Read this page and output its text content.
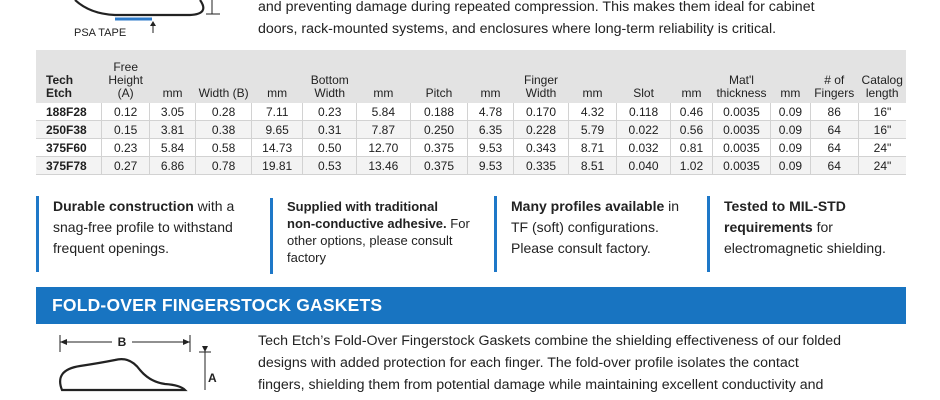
PSA TAPE
and preventing damage during repeated compression. This makes them ideal for cabinet
doors, rack-mounted systems, and enclosures where long-term reliability is critical.
Tech Etch	Free Height (A)	mm	Width (B)	mm	Bottom Width	mm	Pitch	mm	Finger Width	mm	Slot	mm	Mat'l thickness	mm	# of Fingers	Catalog length
188F28	0.12	3.05	0.28	7.11	0.23	5.84	0.188	4.78	0.170	4.32	0.118	0.46	0.0035	0.09	86	16"
250F38	0.15	3.81	0.38	9.65	0.31	7.87	0.250	6.35	0.228	5.79	0.022	0.56	0.0035	0.09	64	16"
375F60	0.23	5.84	0.58	14.73	0.50	12.70	0.375	9.53	0.343	8.71	0.032	0.81	0.0035	0.09	64	24"
375F78	0.27	6.86	0.78	19.81	0.53	13.46	0.375	9.53	0.335	8.51	0.040	1.02	0.0035	0.09	64	24"
Durable construction with a
snag-free profile to withstand
frequent openings.
Supplied with traditional
non-conductive adhesive. For
other options, please consult
factory
Many profiles available in
TF (soft) configurations.
Please consult factory.
Tested to MIL-STD
requirements for
electromagnetic shielding.
FOLD-OVER FINGERSTOCK GASKETS
B
A
Tech Etch’s Fold-Over Fingerstock Gaskets combine the shielding effectiveness of our folded
designs with added protection for each finger. The fold-over profile isolates the contact
fingers, shielding them from potential damage while maintaining excellent conductivity and
